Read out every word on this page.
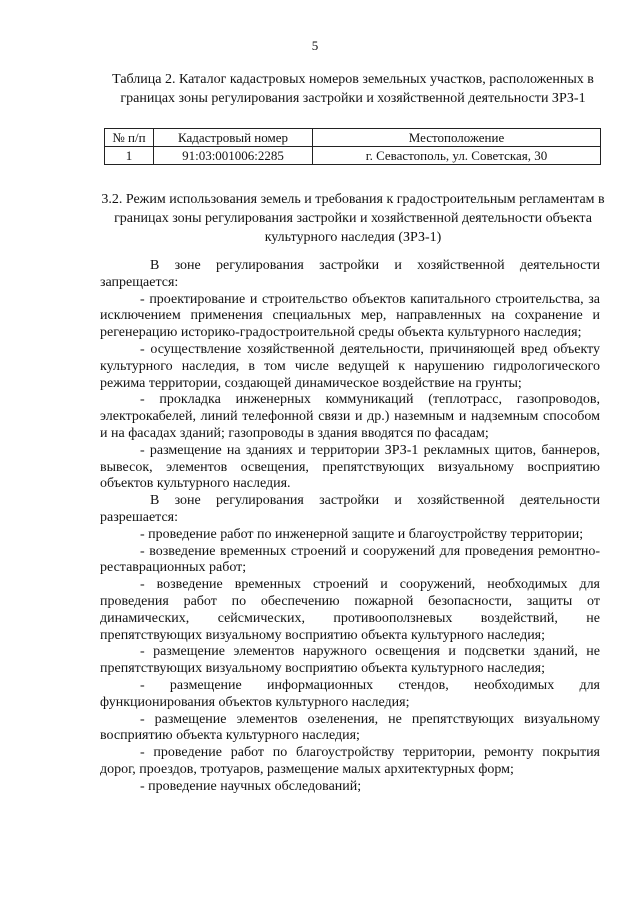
5
Таблица 2. Каталог кадастровых номеров земельных участков, расположенных в границах зоны регулирования застройки и хозяйственной деятельности ЗРЗ-1
№ п/п	Кадастровый номер	Местоположение
1	91:03:001006:2285	г. Севастополь, ул. Советская, 30
3.2. Режим использования земель и требования к градостроительным регламентам в границах зоны регулирования застройки и хозяйственной деятельности объекта культурного наследия (ЗРЗ-1)

В зоне регулирования застройки и хозяйственной деятельности запрещается:

- проектирование и строительство объектов капитального строительства, за исключением применения специальных мер, направленных на сохранение и регенерацию историко-градостроительной среды объекта культурного наследия;

- осуществление хозяйственной деятельности, причиняющей вред объекту культурного наследия, в том числе ведущей к нарушению гидрологического режима территории, создающей динамическое воздействие на грунты;

- прокладка инженерных коммуникаций (теплотрасс, газопроводов, электрокабелей, линий телефонной связи и др.) наземным и надземным способом и на фасадах зданий; газопроводы в здания вводятся по фасадам;

- размещение на зданиях и территории ЗРЗ-1 рекламных щитов, баннеров, вывесок, элементов освещения, препятствующих визуальному восприятию объектов культурного наследия.

В зоне регулирования застройки и хозяйственной деятельности разрешается:

- проведение работ по инженерной защите и благоустройству территории;

- возведение временных строений и сооружений для проведения ремонтно-реставрационных работ;

- возведение временных строений и сооружений, необходимых для проведения работ по обеспечению пожарной безопасности, защиты от динамических, сейсмических, противооползневых воздействий, не препятствующих визуальному восприятию объекта культурного наследия;

- размещение элементов наружного освещения и подсветки зданий, не препятствующих визуальному восприятию объекта культурного наследия;

- размещение информационных стендов, необходимых для функционирования объектов культурного наследия;

- размещение элементов озеленения, не препятствующих визуальному восприятию объекта культурного наследия;

- проведение работ по благоустройству территории, ремонту покрытия дорог, проездов, тротуаров, размещение малых архитектурных форм;

- проведение научных обследований;
